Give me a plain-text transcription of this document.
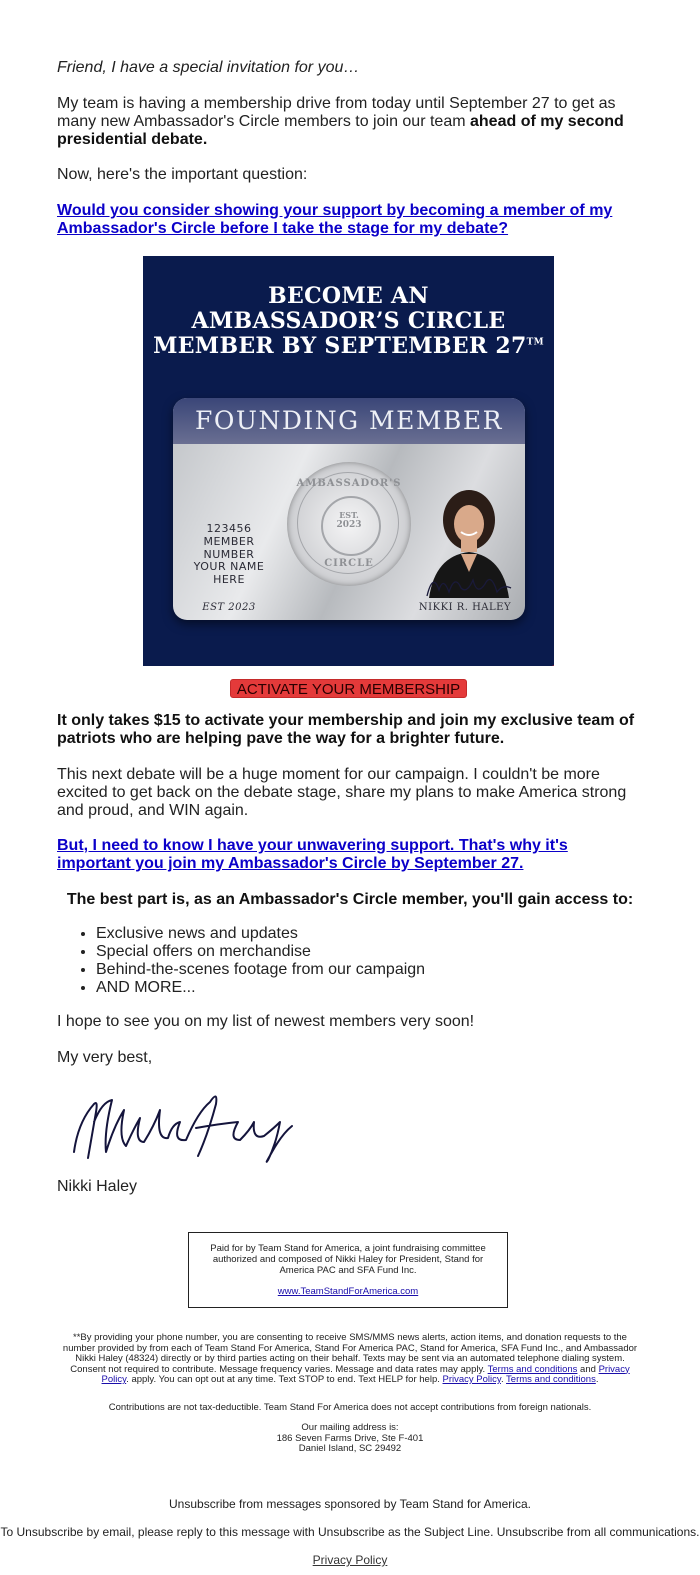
Friend, I have a special invitation for you…

My team is having a membership drive from today until September 27 to get as many new Ambassador's Circle members to join our team ahead of my second presidential debate.

Now, here's the important question:

Would you consider showing your support by becoming a member of my Ambassador's Circle before I take the stage for my debate?
BECOME AN
AMBASSADOR’S CIRCLE
MEMBER BY SEPTEMBER 27™
FOUNDING MEMBER
123456
MEMBER NUMBER
YOUR NAME
HERE
EST 2023
AMBASSADOR'S
EST.
2023
CIRCLE
NIKKI R. HALEY
ACTIVATE YOUR MEMBERSHIP

It only takes $15 to activate your membership and join my exclusive team of patriots who are helping pave the way for a brighter future.

This next debate will be a huge moment for our campaign. I couldn't be more excited to get back on the debate stage, share my plans to make America strong and proud, and WIN again.

But, I need to know I have your unwavering support. That's why it's important you join my Ambassador's Circle by September 27.

The best part is, as an Ambassador's Circle member, you'll gain access to:

• Exclusive news and updates
• Special offers on merchandise
• Behind-the-scenes footage from our campaign
• AND MORE...

I hope to see you on my list of newest members very soon!

My very best,

Nikki Haley

Paid for by Team Stand for America, a joint fundraising committee authorized and composed of Nikki Haley for President, Stand for America PAC and SFA Fund Inc.
www.TeamStandForAmerica.com
**By providing your phone number, you are consenting to receive SMS/MMS news alerts, action items, and donation requests to the number provided by from each of Team Stand For America, Stand For America PAC, Stand for America, SFA Fund Inc., and Ambassador Nikki Haley (48324) directly or by third parties acting on their behalf. Texts may be sent via an automated telephone dialing system. Consent not required to contribute. Message frequency varies. Message and data rates may apply. Terms and conditions and Privacy Policy. apply. You can opt out at any time. Text STOP to end. Text HELP for help. Privacy Policy. Terms and conditions.
Contributions are not tax-deductible. Team Stand For America does not accept contributions from foreign nationals.
Our mailing address is:
186 Seven Farms Drive, Ste F-401
Daniel Island, SC 29492
Unsubscribe from messages sponsored by Team Stand for America.
To Unsubscribe by email, please reply to this message with Unsubscribe as the Subject Line. Unsubscribe from all communications.
Privacy Policy
